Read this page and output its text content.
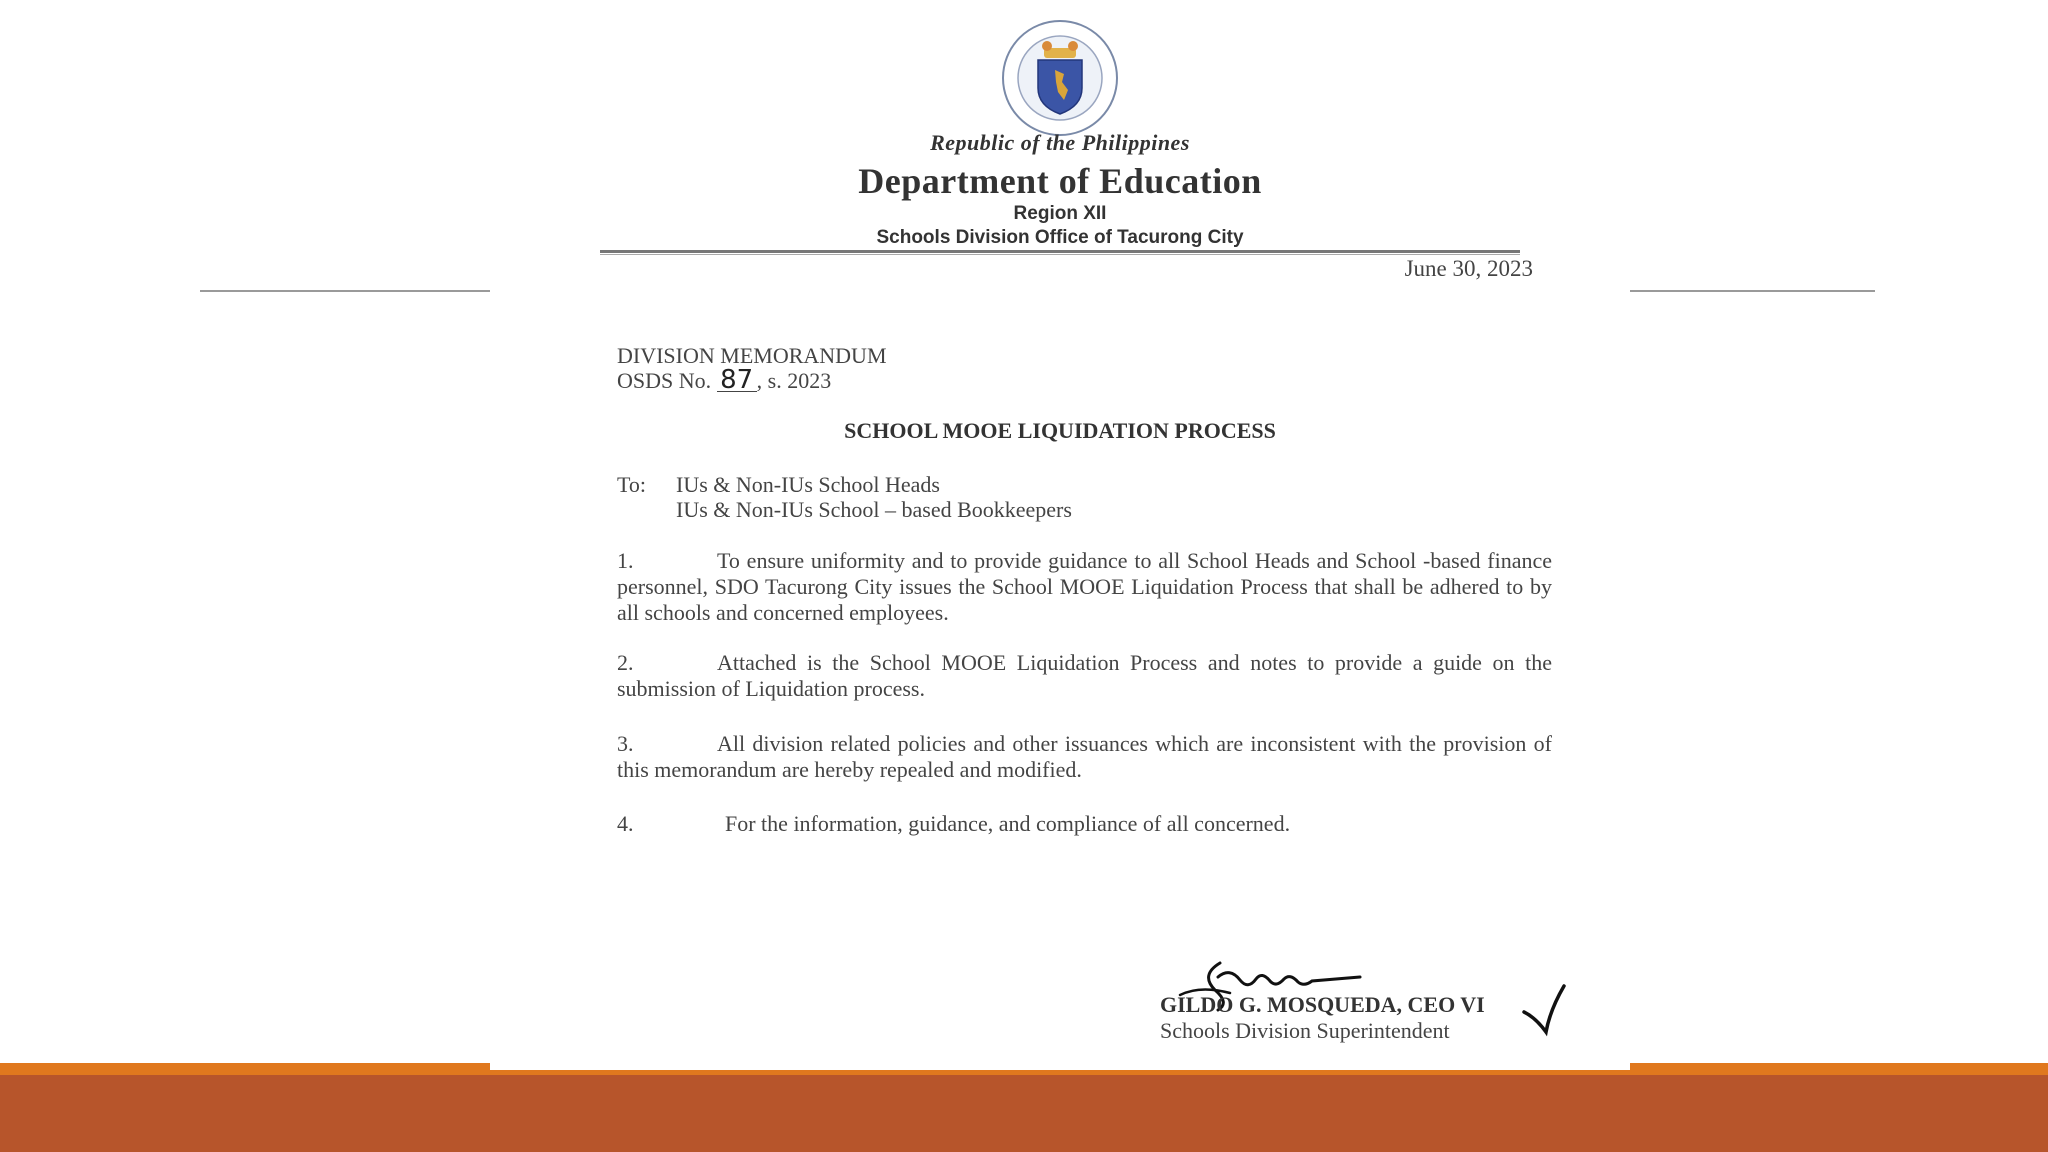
Republic of the Philippines
Department of Education
Region XII
Schools Division Office of Tacurong City
June 30, 2023
DIVISION MEMORANDUM
OSDS No. 87 , s. 2023
SCHOOL MOOE LIQUIDATION PROCESS
To: IUs & Non-IUs School Heads
IUs & Non-IUs School – based Bookkeepers
1.	To ensure uniformity and to provide guidance to all School Heads and School -based finance personnel, SDO Tacurong City issues the School MOOE Liquidation Process that shall be adhered to by all schools and concerned employees.
2.	Attached is the School MOOE Liquidation Process and notes to provide a guide on the submission of Liquidation process.
3.	All division related policies and other issuances which are inconsistent with the provision of this memorandum are hereby repealed and modified.
4.	For the information, guidance, and compliance of all concerned.
GILDO G. MOSQUEDA, CEO VI
Schools Division Superintendent
